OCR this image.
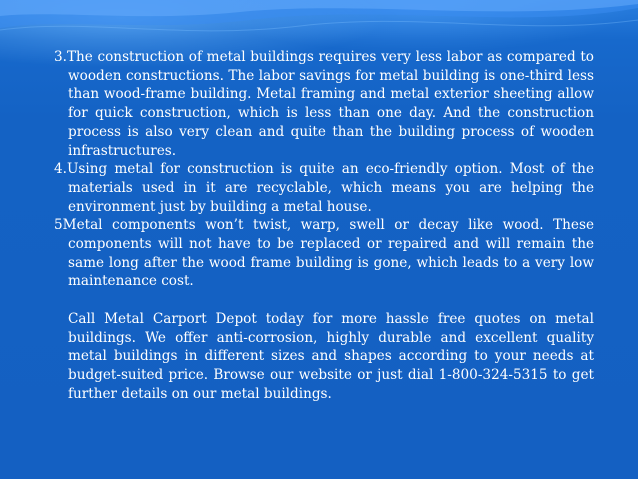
3.The construction of metal buildings requires very less labor as compared to wooden constructions. The labor savings for metal building is one-third less than wood-frame building. Metal framing and metal exterior sheeting allow for quick construction, which is less than one day. And the construction process is also very clean and quite than the building process of wooden infrastructures.

4.Using metal for construction is quite an eco-friendly option. Most of the materials used in it are recyclable, which means you are helping the environment just by building a metal house.

5Metal components won’t twist, warp, swell or decay like wood. These components will not have to be replaced or repaired and will remain the same long after the wood frame building is gone, which leads to a very low maintenance cost.

Call Metal Carport Depot today for more hassle free quotes on metal buildings. We offer anti-corrosion, highly durable and excellent quality metal buildings in different sizes and shapes according to your needs at budget-suited price. Browse our website or just dial 1-800-324-5315 to get further details on our metal buildings.
